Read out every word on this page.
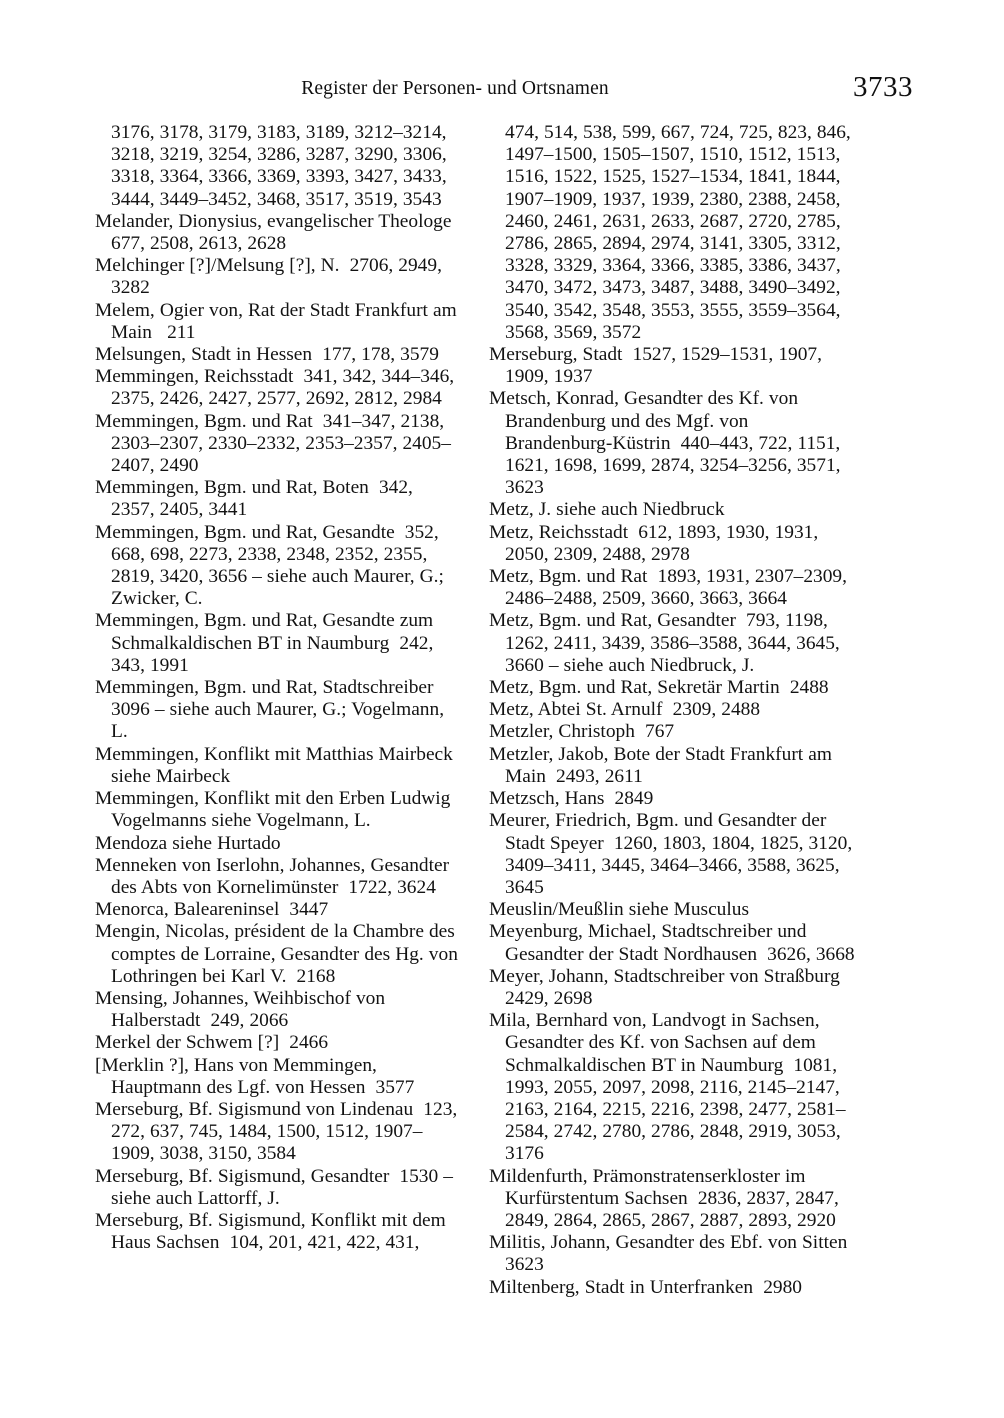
Register der Personen- und Ortsnamen	3733

3176, 3178, 3179, 3183, 3189, 3212–3214, 3218, 3219, 3254, 3286, 3287, 3290, 3306, 3318, 3364, 3366, 3369, 3393, 3427, 3433, 3444, 3449–3452, 3468, 3517, 3519, 3543

Melander, Dionysius, evangelischer Theologe  677, 2508, 2613, 2628

Melchinger [?]/Melsung [?], N.  2706, 2949, 3282

Melem, Ogier von, Rat der Stadt Frankfurt am Main   211

Melsungen, Stadt in Hessen  177, 178, 3579

Memmingen, Reichsstadt  341, 342, 344–346, 2375, 2426, 2427, 2577, 2692, 2812, 2984

Memmingen, Bgm. und Rat  341–347, 2138, 2303–2307, 2330–2332, 2353–2357, 2405–2407, 2490

Memmingen, Bgm. und Rat, Boten  342, 2357, 2405, 3441

Memmingen, Bgm. und Rat, Gesandte  352, 668, 698, 2273, 2338, 2348, 2352, 2355, 2819, 3420, 3656 – siehe auch Maurer, G.; Zwicker, C.

Memmingen, Bgm. und Rat, Gesandte zum Schmalkaldischen BT in Naumburg  242, 343, 1991

Memmingen, Bgm. und Rat, Stadtschreiber  3096 – siehe auch Maurer, G.; Vogelmann, L.

Memmingen, Konflikt mit Matthias Mairbeck siehe Mairbeck

Memmingen, Konflikt mit den Erben Ludwig Vogelmanns siehe Vogelmann, L.

Mendoza siehe Hurtado

Menneken von Iserlohn, Johannes, Gesandter des Abts von Kornelimünster  1722, 3624

Menorca, Baleareninsel  3447

Mengin, Nicolas, président de la Chambre des comptes de Lorraine, Gesandter des Hg. von Lothringen bei Karl V.  2168

Mensing, Johannes, Weihbischof von Halberstadt  249, 2066

Merkel der Schwem [?]  2466

[Merklin ?], Hans von Memmingen, Hauptmann des Lgf. von Hessen  3577

Merseburg, Bf. Sigismund von Lindenau  123, 272, 637, 745, 1484, 1500, 1512, 1907–1909, 3038, 3150, 3584

Merseburg, Bf. Sigismund, Gesandter  1530 – siehe auch Lattorff, J.

Merseburg, Bf. Sigismund, Konflikt mit dem Haus Sachsen  104, 201, 421, 422, 431,

474, 514, 538, 599, 667, 724, 725, 823, 846, 1497–1500, 1505–1507, 1510, 1512, 1513, 1516, 1522, 1525, 1527–1534, 1841, 1844, 1907–1909, 1937, 1939, 2380, 2388, 2458, 2460, 2461, 2631, 2633, 2687, 2720, 2785, 2786, 2865, 2894, 2974, 3141, 3305, 3312, 3328, 3329, 3364, 3366, 3385, 3386, 3437, 3470, 3472, 3473, 3487, 3488, 3490–3492, 3540, 3542, 3548, 3553, 3555, 3559–3564, 3568, 3569, 3572

Merseburg, Stadt  1527, 1529–1531, 1907, 1909, 1937

Metsch, Konrad, Gesandter des Kf. von Brandenburg und des Mgf. von Brandenburg-Küstrin  440–443, 722, 1151, 1621, 1698, 1699, 2874, 3254–3256, 3571, 3623

Metz, J. siehe auch Niedbruck

Metz, Reichsstadt  612, 1893, 1930, 1931, 2050, 2309, 2488, 2978

Metz, Bgm. und Rat  1893, 1931, 2307–2309, 2486–2488, 2509, 3660, 3663, 3664

Metz, Bgm. und Rat, Gesandter  793, 1198, 1262, 2411, 3439, 3586–3588, 3644, 3645, 3660 – siehe auch Niedbruck, J.

Metz, Bgm. und Rat, Sekretär Martin  2488

Metz, Abtei St. Arnulf  2309, 2488

Metzler, Christoph  767

Metzler, Jakob, Bote der Stadt Frankfurt am Main  2493, 2611

Metzsch, Hans  2849

Meurer, Friedrich, Bgm. und Gesandter der Stadt Speyer  1260, 1803, 1804, 1825, 3120, 3409–3411, 3445, 3464–3466, 3588, 3625, 3645

Meuslin/Meußlin siehe Musculus

Meyenburg, Michael, Stadtschreiber und Gesandter der Stadt Nordhausen  3626, 3668

Meyer, Johann, Stadtschreiber von Straßburg  2429, 2698

Mila, Bernhard von, Landvogt in Sachsen, Gesandter des Kf. von Sachsen auf dem Schmalkaldischen BT in Naumburg  1081, 1993, 2055, 2097, 2098, 2116, 2145–2147, 2163, 2164, 2215, 2216, 2398, 2477, 2581–2584, 2742, 2780, 2786, 2848, 2919, 3053, 3176

Mildenfurth, Prämonstratenserkloster im Kurfürstentum Sachsen  2836, 2837, 2847, 2849, 2864, 2865, 2867, 2887, 2893, 2920

Militis, Johann, Gesandter des Ebf. von Sitten  3623

Miltenberg, Stadt in Unterfranken  2980
